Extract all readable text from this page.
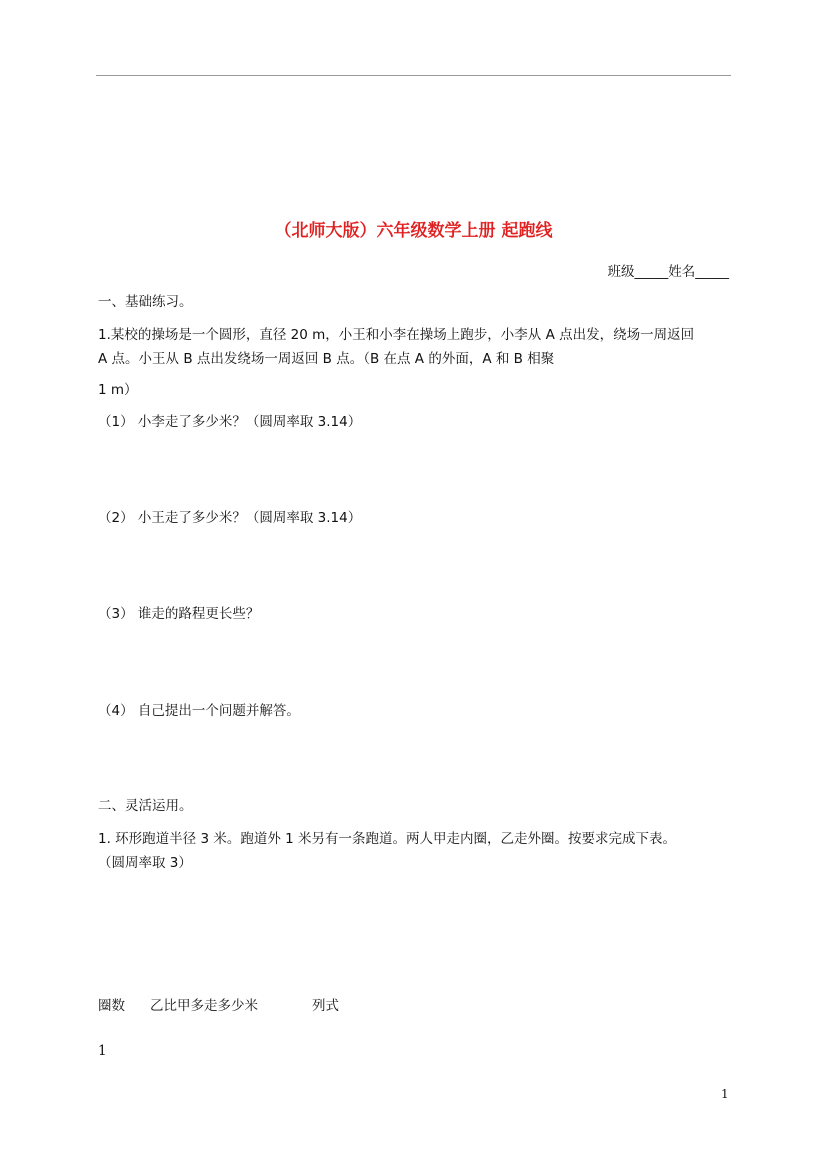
（北师大版）六年级数学上册 起跑线
班级_____姓名_____
一、基础练习。
1.某校的操场是一个圆形，直径 20 m，小王和小李在操场上跑步，小李从 A 点出发，绕场一周返回
A 点。小王从 B 点出发绕场一周返回 B 点。（B 在点 A 的外面，A 和 B 相聚
1 m）
（1） 小李走了多少米？（圆周率取 3.14）
（2） 小王走了多少米？（圆周率取 3.14）
（3） 谁走的路程更长些？
（4） 自己提出一个问题并解答。
二、灵活运用。
1. 环形跑道半径 3 米。跑道外 1 米另有一条跑道。两人甲走内圈，乙走外圈。按要求完成下表。
（圆周率取 3）
圈数 乙比甲多走多少米	列式
1
1
